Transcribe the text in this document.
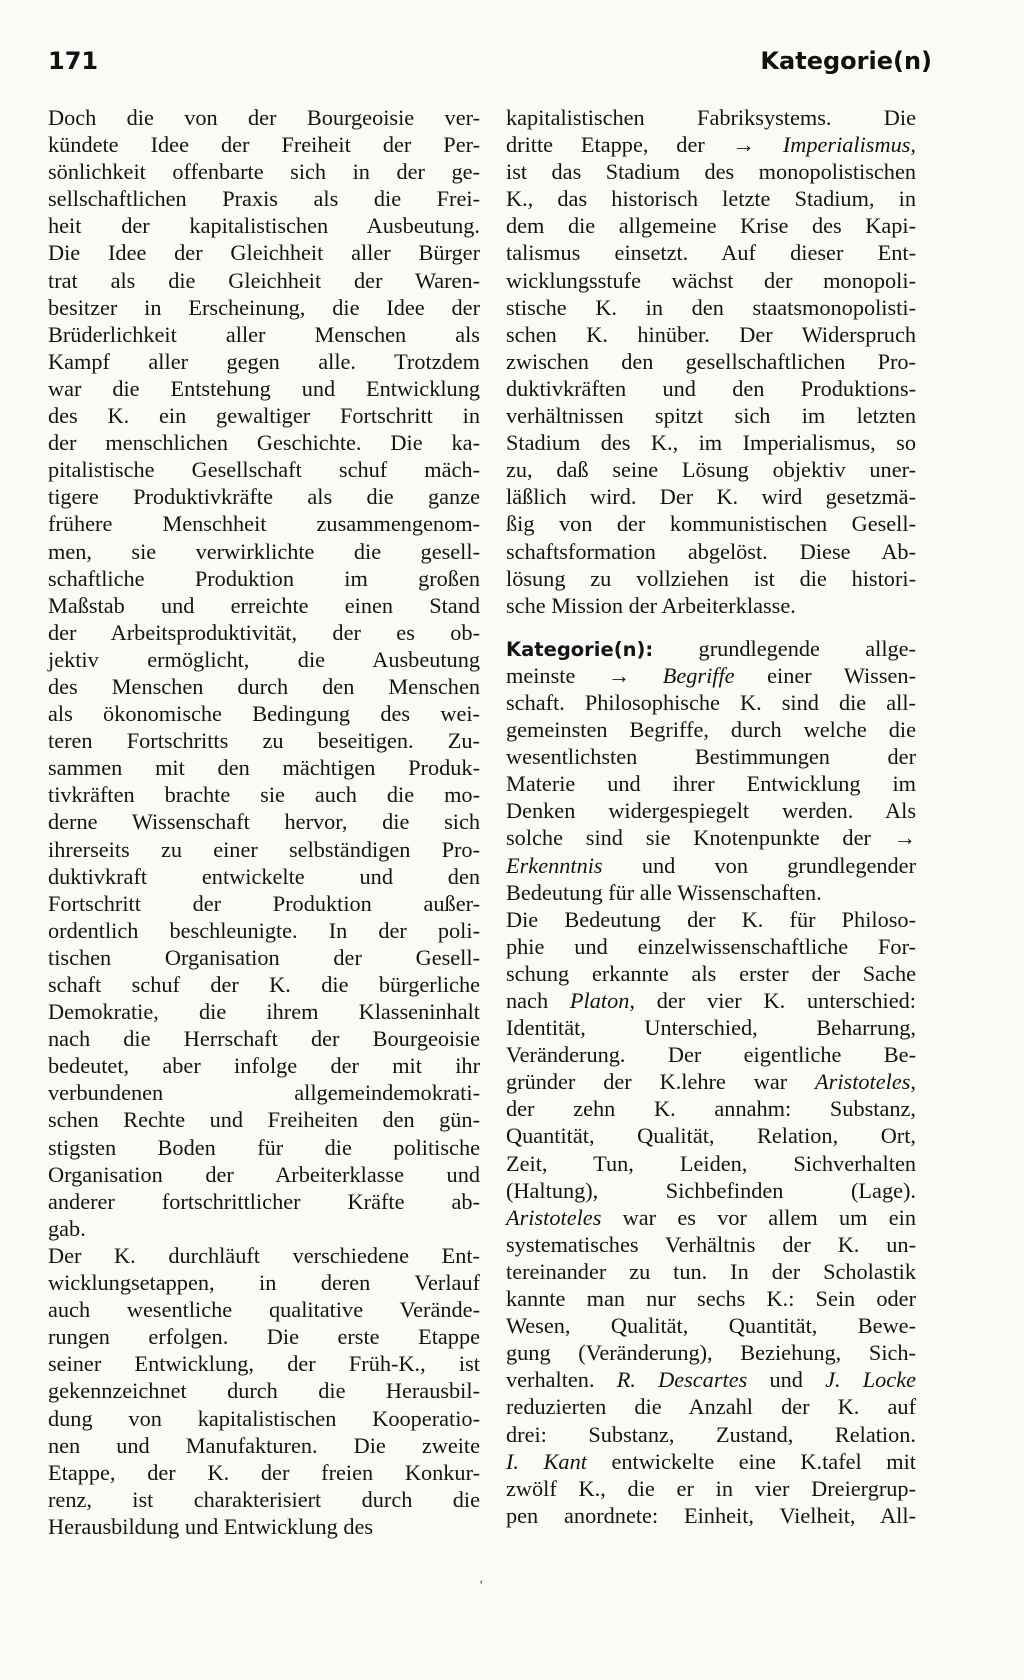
171	Kategorie(n)
Doch die von der Bourgeoisie ver-
kündete Idee der Freiheit der Per-
sönlichkeit offenbarte sich in der ge-
sellschaftlichen Praxis als die Frei-
heit der kapitalistischen Ausbeutung.
Die Idee der Gleichheit aller Bürger
trat als die Gleichheit der Waren-
besitzer in Erscheinung, die Idee der
Brüderlichkeit aller Menschen als
Kampf aller gegen alle. Trotzdem
war die Entstehung und Entwicklung
des K. ein gewaltiger Fortschritt in
der menschlichen Geschichte. Die ka-
pitalistische Gesellschaft schuf mäch-
tigere Produktivkräfte als die ganze
frühere Menschheit zusammengenom-
men, sie verwirklichte die gesell-
schaftliche Produktion im großen
Maßstab und erreichte einen Stand
der Arbeitsproduktivität, der es ob-
jektiv ermöglicht, die Ausbeutung
des Menschen durch den Menschen
als ökonomische Bedingung des wei-
teren Fortschritts zu beseitigen. Zu-
sammen mit den mächtigen Produk-
tivkräften brachte sie auch die mo-
derne Wissenschaft hervor, die sich
ihrerseits zu einer selbständigen Pro-
duktivkraft entwickelte und den
Fortschritt der Produktion außer-
ordentlich beschleunigte. In der poli-
tischen Organisation der Gesell-
schaft schuf der K. die bürgerliche
Demokratie, die ihrem Klasseninhalt
nach die Herrschaft der Bourgeoisie
bedeutet, aber infolge der mit ihr
verbundenen allgemeindemokrati-
schen Rechte und Freiheiten den gün-
stigsten Boden für die politische
Organisation der Arbeiterklasse und
anderer fortschrittlicher Kräfte ab-
gab.
Der K. durchläuft verschiedene Ent-
wicklungsetappen, in deren Verlauf
auch wesentliche qualitative Verände-
rungen erfolgen. Die erste Etappe
seiner Entwicklung, der Früh-K., ist
gekennzeichnet durch die Herausbil-
dung von kapitalistischen Kooperatio-
nen und Manufakturen. Die zweite
Etappe, der K. der freien Konkur-
renz, ist charakterisiert durch die
Herausbildung und Entwicklung des
kapitalistischen Fabriksystems. Die
dritte Etappe, der → Imperialismus,
ist das Stadium des monopolistischen
K., das historisch letzte Stadium, in
dem die allgemeine Krise des Kapi-
talismus einsetzt. Auf dieser Ent-
wicklungsstufe wächst der monopoli-
stische K. in den staatsmonopolisti-
schen K. hinüber. Der Widerspruch
zwischen den gesellschaftlichen Pro-
duktivkräften und den Produktions-
verhältnissen spitzt sich im letzten
Stadium des K., im Imperialismus, so
zu, daß seine Lösung objektiv uner-
läßlich wird. Der K. wird gesetzmä-
ßig von der kommunistischen Gesell-
schaftsformation abgelöst. Diese Ab-
lösung zu vollziehen ist die histori-
sche Mission der Arbeiterklasse.
Kategorie(n): grundlegende allge-
meinste → Begriffe einer Wissen-
schaft. Philosophische K. sind die all-
gemeinsten Begriffe, durch welche die
wesentlichsten Bestimmungen der
Materie und ihrer Entwicklung im
Denken widergespiegelt werden. Als
solche sind sie Knotenpunkte der →
Erkenntnis und von grundlegender
Bedeutung für alle Wissenschaften.
Die Bedeutung der K. für Philoso-
phie und einzelwissenschaftliche For-
schung erkannte als erster der Sache
nach Platon, der vier K. unterschied:
Identität, Unterschied, Beharrung,
Veränderung. Der eigentliche Be-
gründer der K.lehre war Aristoteles,
der zehn K. annahm: Substanz,
Quantität, Qualität, Relation, Ort,
Zeit, Tun, Leiden, Sichverhalten
(Haltung), Sichbefinden (Lage).
Aristoteles war es vor allem um ein
systematisches Verhältnis der K. un-
tereinander zu tun. In der Scholastik
kannte man nur sechs K.: Sein oder
Wesen, Qualität, Quantität, Bewe-
gung (Veränderung), Beziehung, Sich-
verhalten. R. Descartes und J. Locke
reduzierten die Anzahl der K. auf
drei: Substanz, Zustand, Relation.
I. Kant entwickelte eine K.tafel mit
zwölf K., die er in vier Dreiergrup-
pen anordnete: Einheit, Vielheit, All-
ʻ
